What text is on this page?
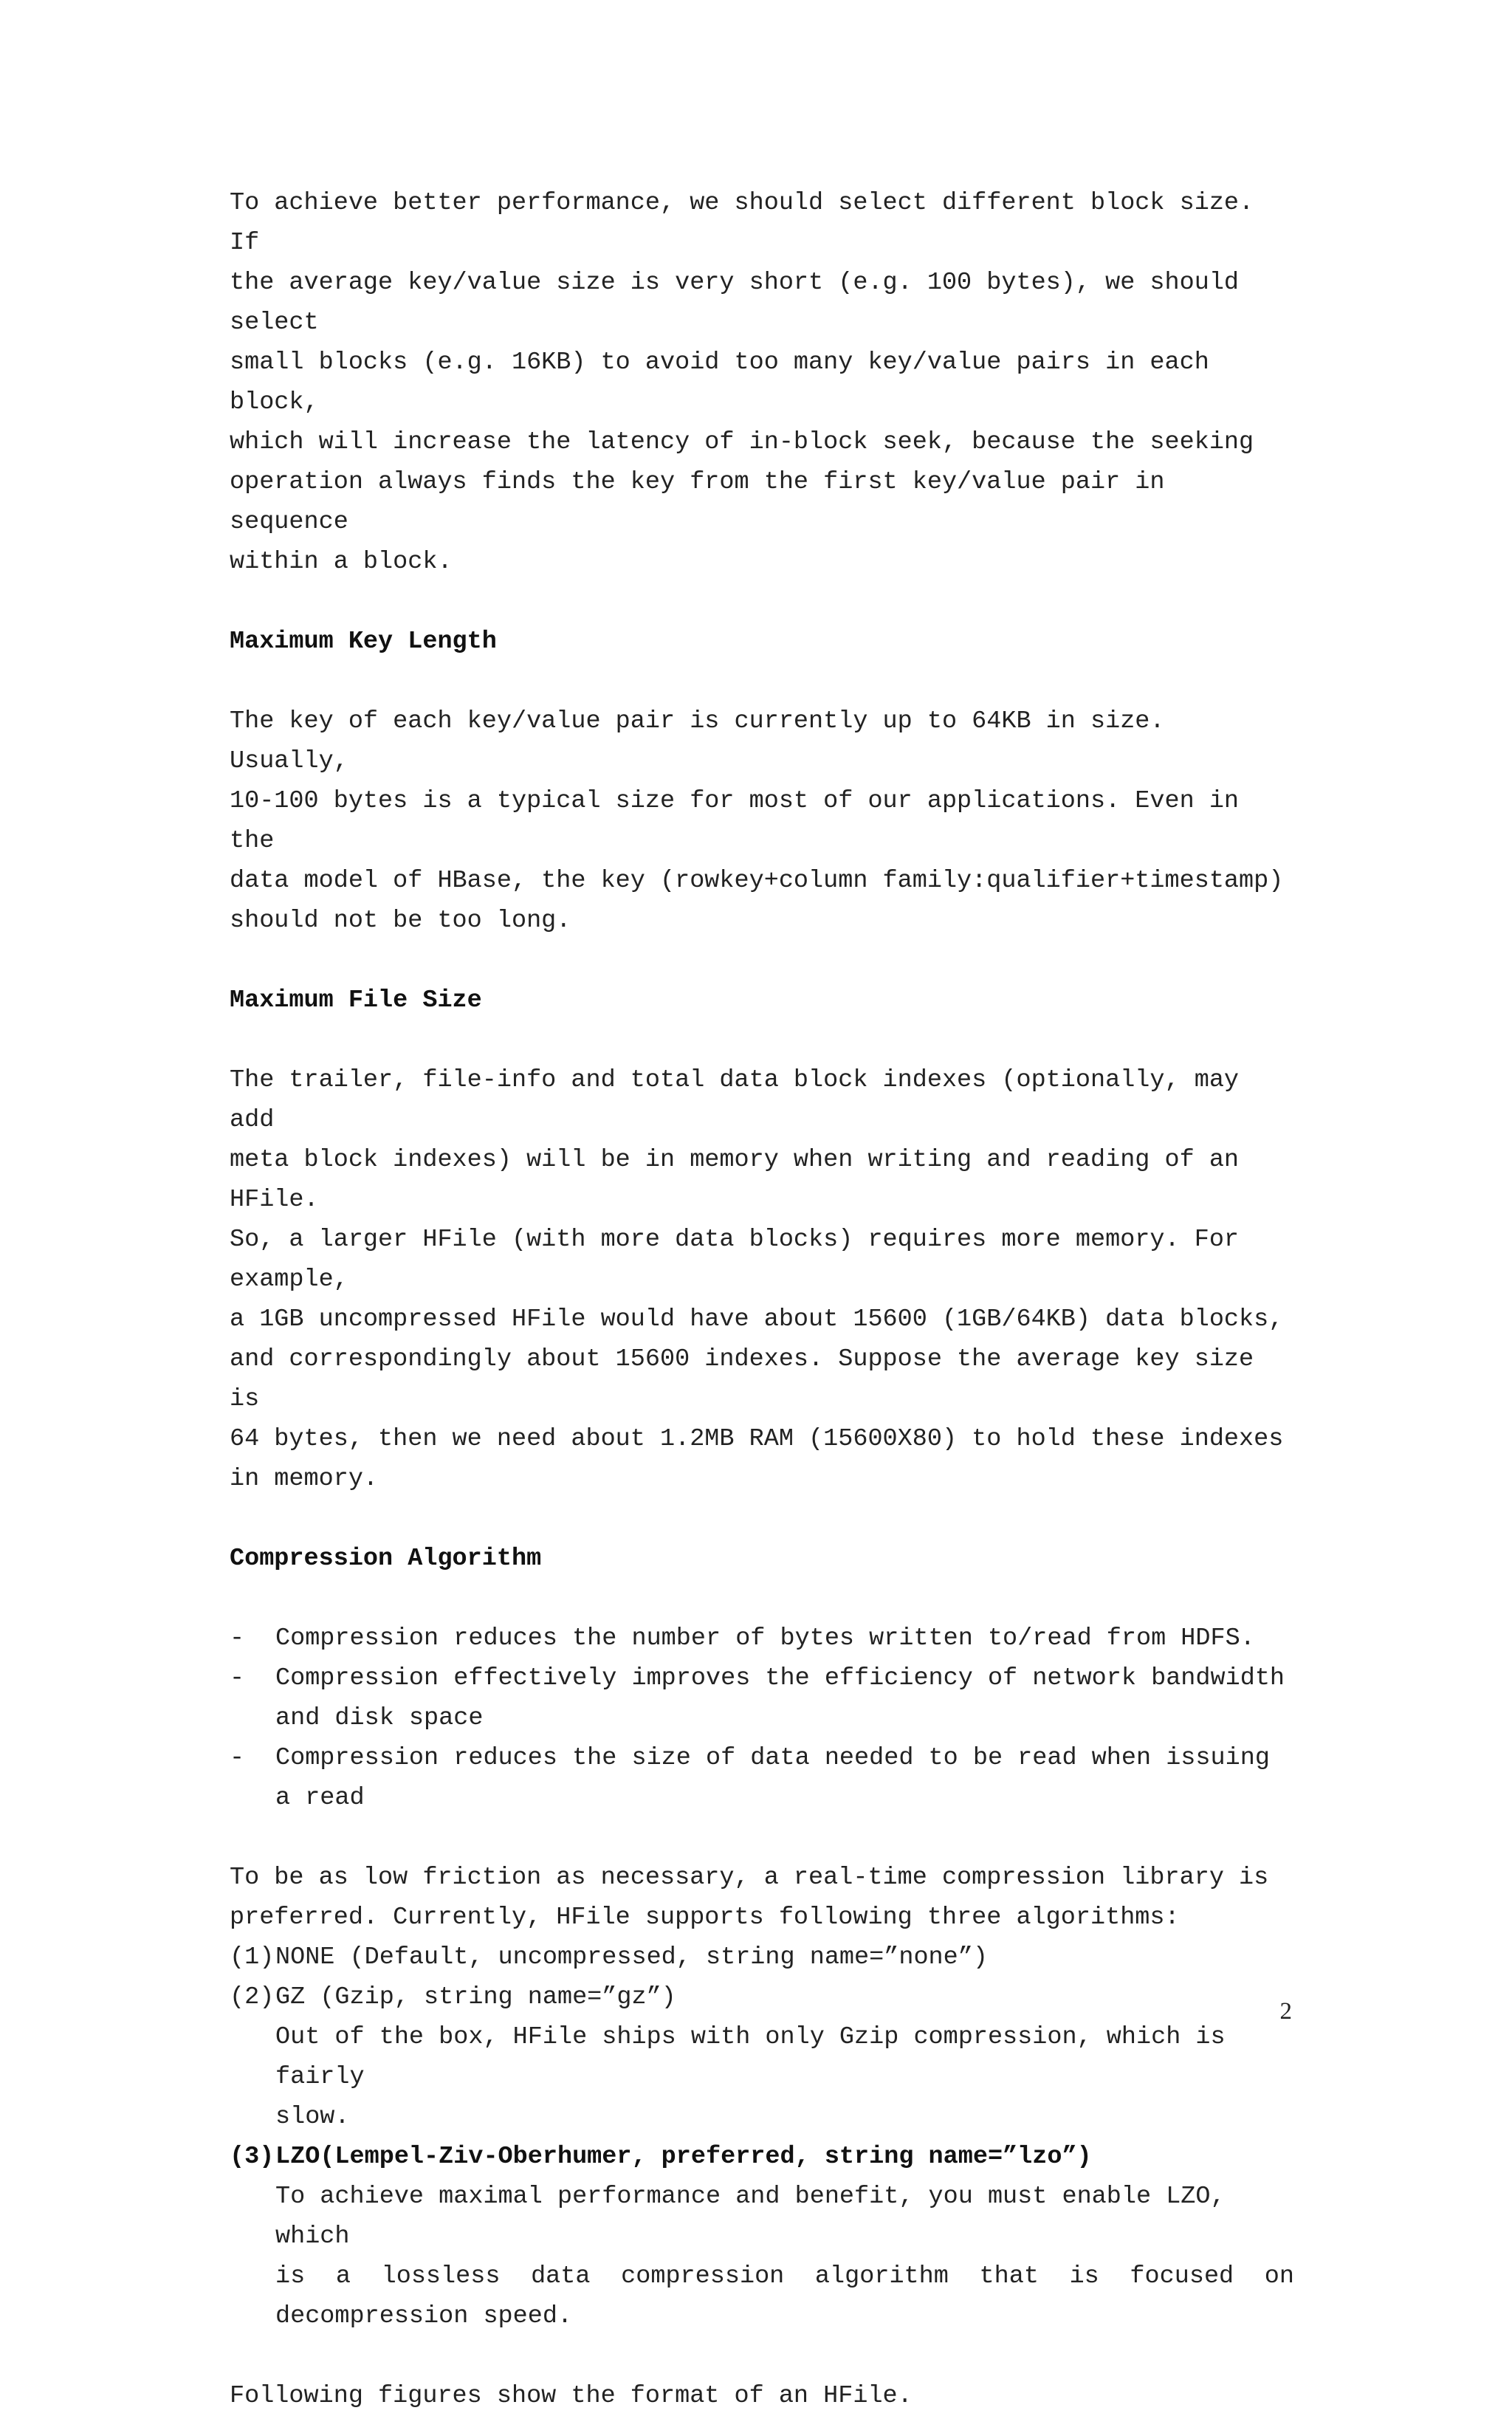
To achieve better performance, we should select different block size. If

the average key/value size is very short (e.g. 100 bytes), we should select

small blocks (e.g. 16KB) to avoid too many key/value pairs in each block,

which will increase the latency of in-block seek, because the seeking

operation always finds the key from the first key/value pair in sequence

within a block.

Maximum Key Length

The key of each key/value pair is currently up to 64KB in size. Usually,

10-100 bytes is a typical size for most of our applications. Even in the

data model of HBase, the key (rowkey+column family:qualifier+timestamp)

should not be too long.

Maximum File Size

The trailer, file-info and total data block indexes (optionally, may add

meta block indexes) will be in memory when writing and reading of an HFile.

So, a larger HFile (with more data blocks) requires more memory. For example,

a 1GB uncompressed HFile would have about 15600 (1GB/64KB) data blocks,

and correspondingly about 15600 indexes. Suppose the average key size is

64 bytes, then we need about 1.2MB RAM (15600X80) to hold these indexes

in memory.

Compression Algorithm

- Compression reduces the number of bytes written to/read from HDFS.

- Compression effectively improves the efficiency of network bandwidth

and disk space

- Compression reduces the size of data needed to be read when issuing

a read

To be as low friction as necessary, a real-time compression library is

preferred. Currently, HFile supports following three algorithms:

(1) NONE (Default, uncompressed, string name=”none”)

(2) GZ (Gzip, string name=”gz”)

Out of the box, HFile ships with only Gzip compression, which is fairly

slow.

(3) LZO(Lempel-Ziv-Oberhumer, preferred, string name=”lzo”)

To achieve maximal performance and benefit, you must enable LZO, which

is a lossless data compression algorithm that is focused on

decompression speed.

Following figures show the format of an HFile.

2
